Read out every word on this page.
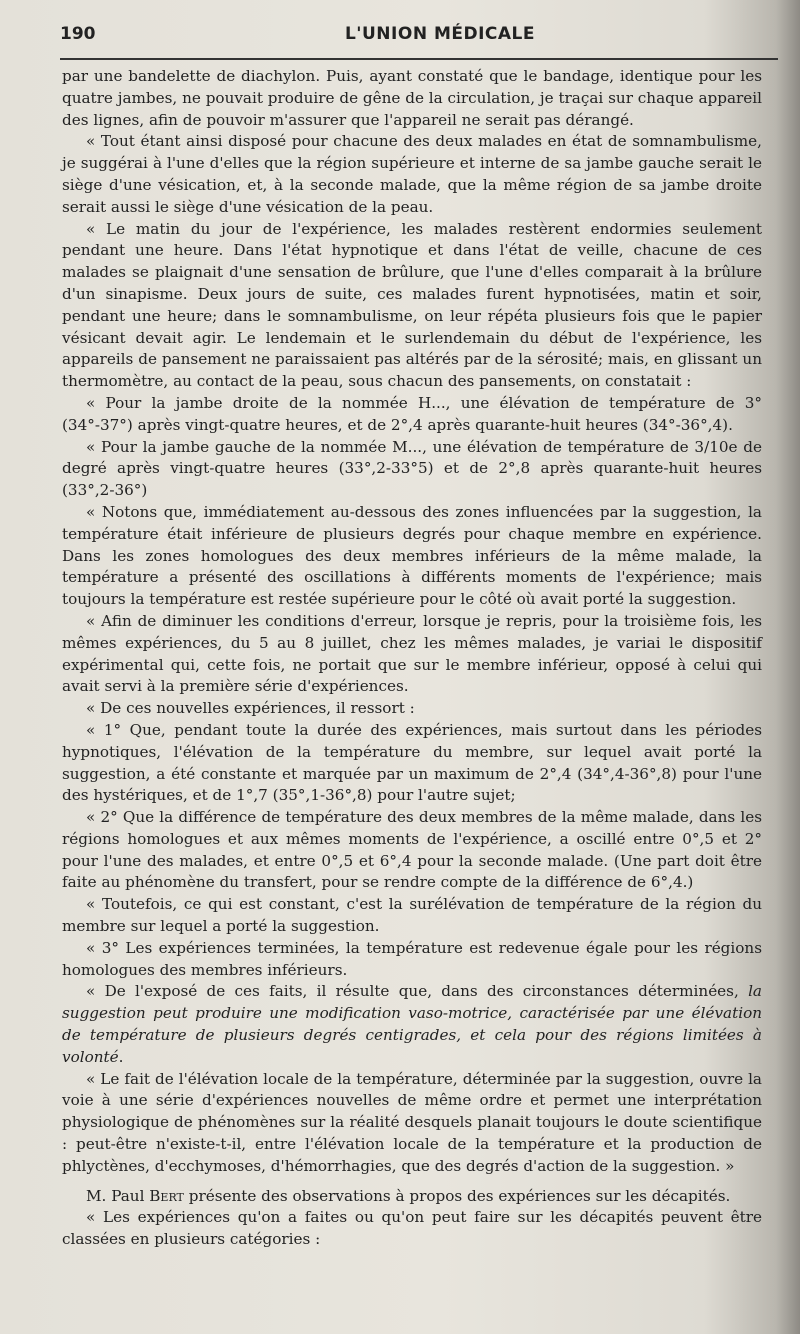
190	L'UNION MÉDICALE

par une bandelette de diachylon. Puis, ayant constaté que le bandage, identique pour les quatre jambes, ne pouvait produire de gêne de la circulation, je traçai sur chaque appareil des lignes, afin de pouvoir m'assurer que l'appareil ne serait pas dérangé.

« Tout étant ainsi disposé pour chacune des deux malades en état de somnambulisme, je suggérai à l'une d'elles que la région supérieure et interne de sa jambe gauche serait le siège d'une vésication, et, à la seconde malade, que la même région de sa jambe droite serait aussi le siège d'une vésication de la peau.

« Le matin du jour de l'expérience, les malades restèrent endormies seulement pendant une heure. Dans l'état hypnotique et dans l'état de veille, chacune de ces malades se plaignait d'une sensation de brûlure, que l'une d'elles comparait à la brûlure d'un sinapisme. Deux jours de suite, ces malades furent hypnotisées, matin et soir, pendant une heure; dans le somnambulisme, on leur répéta plusieurs fois que le papier vésicant devait agir. Le lendemain et le surlendemain du début de l'expérience, les appareils de pansement ne paraissaient pas altérés par de la sérosité; mais, en glissant un thermomètre, au contact de la peau, sous chacun des pansements, on constatait :

« Pour la jambe droite de la nommée H..., une élévation de température de 3° (34°-37°) après vingt-quatre heures, et de 2°,4 après quarante-huit heures (34°-36°,4).

« Pour la jambe gauche de la nommée M..., une élévation de température de 3/10e de degré après vingt-quatre heures (33°,2-33°5) et de 2°,8 après quarante-huit heures (33°,2-36°)

« Notons que, immédiatement au-dessous des zones influencées par la suggestion, la température était inférieure de plusieurs degrés pour chaque membre en expérience. Dans les zones homologues des deux membres inférieurs de la même malade, la température a présenté des oscillations à différents moments de l'expérience; mais toujours la température est restée supérieure pour le côté où avait porté la suggestion.

« Afin de diminuer les conditions d'erreur, lorsque je repris, pour la troisième fois, les mêmes expériences, du 5 au 8 juillet, chez les mêmes malades, je variai le dispositif expérimental qui, cette fois, ne portait que sur le membre inférieur, opposé à celui qui avait servi à la première série d'expériences.

« De ces nouvelles expériences, il ressort :

« 1° Que, pendant toute la durée des expériences, mais surtout dans les périodes hypnotiques, l'élévation de la température du membre, sur lequel avait porté la suggestion, a été constante et marquée par un maximum de 2°,4 (34°,4-36°,8) pour l'une des hystériques, et de 1°,7 (35°,1-36°,8) pour l'autre sujet;

« 2° Que la différence de température des deux membres de la même malade, dans les régions homologues et aux mêmes moments de l'expérience, a oscillé entre 0°,5 et 2° pour l'une des malades, et entre 0°,5 et 6°,4 pour la seconde malade. (Une part doit être faite au phénomène du transfert, pour se rendre compte de la différence de 6°,4.)

« Toutefois, ce qui est constant, c'est la surélévation de température de la région du membre sur lequel a porté la suggestion.

« 3° Les expériences terminées, la température est redevenue égale pour les régions homologues des membres inférieurs.

« De l'exposé de ces faits, il résulte que, dans des circonstances déterminées, la suggestion peut produire une modification vaso-motrice, caractérisée par une élévation de température de plusieurs degrés centigrades, et cela pour des régions limitées à volonté.

« Le fait de l'élévation locale de la température, déterminée par la suggestion, ouvre la voie à une série d'expériences nouvelles de même ordre et permet une interprétation physiologique de phénomènes sur la réalité desquels planait toujours le doute scientifique : peut-être n'existe-t-il, entre l'élévation locale de la température et la production de phlyctènes, d'ecchymoses, d'hémorrhagies, que des degrés d'action de la suggestion. »

M. Paul Bert présente des observations à propos des expériences sur les décapités.

« Les expériences qu'on a faites ou qu'on peut faire sur les décapités peuvent être classées en plusieurs catégories :
